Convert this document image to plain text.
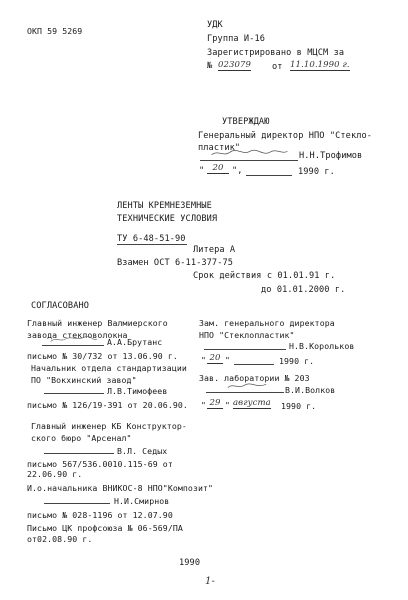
ОКП 59 5269
УДК
Группа И-16
Зарегистрировано в МЦСМ за
№ 023079 от 11.10.1990 г.
УТВЕРЖДАЮ
Генеральный директор НПО "Стекло-
пластик"
Н.Н.Трофимов
" 20 ",	1990 г.
ЛЕНТЫ КРЕМНЕЗЕМНЫЕ
ТЕХНИЧЕСКИЕ УСЛОВИЯ
ТУ 6-48-51-90
Литера А
Взамен ОСТ 6-11-377-75
Срок действия с 01.01.91 г.
до 01.01.2000 г.
СОГЛАСОВАНО
Главный инженер Валмиерского
завода стекловолокна
А.А.Брутанс
письмо № 30/732 от 13.06.90 г.
Начальник отдела стандартизации
ПО "Вокхинский завод"
Л.В.Тимофеев
письмо № 126/19-391 от 20.06.90.
Главный инженер КБ Конструктор-
ского бюро "Арсенал"
В.Л. Седых
письмо 567/536.0010.115-69 от
22.06.90 г.
И.о.начальника ВНИКОС-8 НПО"Композит"
Н.И.Смирнов
письмо № 028-1196 от 12.07.90
Письмо ЦК профсоюза № 06-569/ПА
от02.08.90 г.
Зам. генерального директора
НПО "Стеклопластик"
Н.В.Корольков
" 20 "	1990 г.
Зав. лаборатории № 203
В.И.Волков
" 29 " августа 1990 г.
1990
1-
